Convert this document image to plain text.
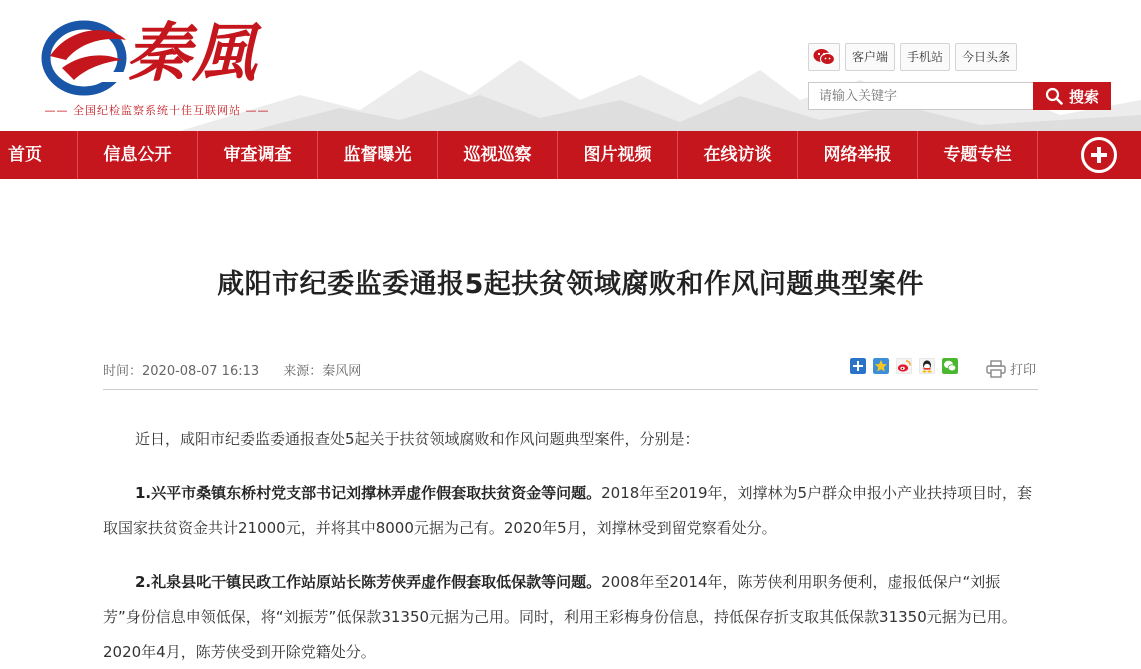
秦風
—— 全国纪检监察系统十佳互联网站 ——
客户端	手机站	今日头条
请输入关键字
搜索
首页	信息公开	审查调查	监督曝光	巡视巡察	图片视频	在线访谈	网络举报	专题专栏
咸阳市纪委监委通报5起扶贫领域腐败和作风问题典型案件
时间：2020-08-07 16:13 来源：秦风网	打印

近日，咸阳市纪委监委通报查处5起关于扶贫领域腐败和作风问题典型案件，分别是：

1.兴平市桑镇东桥村党支部书记刘撑林弄虚作假套取扶贫资金等问题。2018年至2019年，刘撑林为5户群众申报小产业扶持项目时，套取国家扶贫资金共计21000元，并将其中8000元据为己有。2020年5月，刘撑林受到留党察看处分。

2.礼泉县叱干镇民政工作站原站长陈芳侠弄虚作假套取低保款等问题。2008年至2014年，陈芳侠利用职务便利，虚报低保户“刘振芳”身份信息申领低保，将“刘振芳”低保款31350元据为己用。同时，利用王彩梅身份信息，持低保存折支取其低保款31350元据为已用。2020年4月，陈芳侠受到开除党籍处分。
